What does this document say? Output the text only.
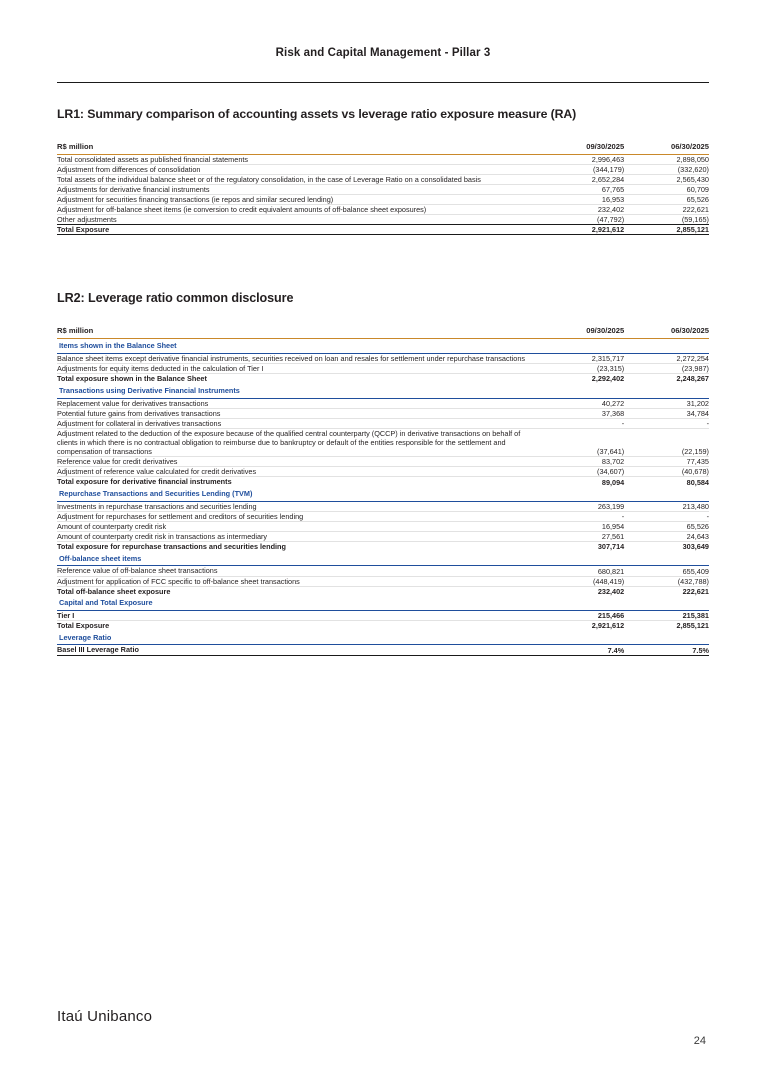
Risk and Capital Management - Pillar 3
LR1: Summary comparison of accounting assets vs leverage ratio exposure measure (RA)
R$ million	09/30/2025	06/30/2025
Total consolidated assets as published financial statements	2,996,463	2,898,050
Adjustment from differences of consolidation	(344,179)	(332,620)
Total assets of the individual balance sheet or of the regulatory consolidation, in the case of Leverage Ratio on a consolidated basis	2,652,284	2,565,430
Adjustments for derivative financial instruments	67,765	60,709
Adjustment for securities financing transactions (ie repos and similar secured lending)	16,953	65,526
Adjustment for off-balance sheet items (ie conversion to credit equivalent amounts of off-balance sheet exposures)	232,402	222,621
Other adjustments	(47,792)	(59,165)
Total Exposure	2,921,612	2,855,121
LR2: Leverage ratio common disclosure
R$ million	09/30/2025	06/30/2025
Items shown in the Balance Sheet		
Balance sheet items except derivative financial instruments, securities received on loan and resales for settlement under repurchase transactions	2,315,717	2,272,254
Adjustments for equity items deducted in the calculation of Tier I	(23,315)	(23,987)
Total exposure shown in the Balance Sheet	2,292,402	2,248,267
Transactions using Derivative Financial Instruments		
Replacement value for derivatives transactions	40,272	31,202
Potential future gains from derivatives transactions	37,368	34,784
Adjustment for collateral in derivatives transactions	-	-
Adjustment related to the deduction of the exposure because of the qualified central counterparty (QCCP) in derivative transactions on behalf of clients in which there is no contractual obligation to reimburse due to bankruptcy or default of the entities responsible for the settlement and compensation of transactions	(37,641)	(22,159)
Reference value for credit derivatives	83,702	77,435
Adjustment of reference value calculated for credit derivatives	(34,607)	(40,678)
Total exposure for derivative financial instruments	89,094	80,584
Repurchase Transactions and Securities Lending (TVM)		
Investments in repurchase transactions and securities lending	263,199	213,480
Adjustment for repurchases for settlement and creditors of securities lending	-	-
Amount of counterparty credit risk	16,954	65,526
Amount of counterparty credit risk in transactions as intermediary	27,561	24,643
Total exposure for repurchase transactions and securities lending	307,714	303,649
Off-balance sheet items		
Reference value of off-balance sheet transactions	680,821	655,409
Adjustment for application of FCC specific to off-balance sheet transactions	(448,419)	(432,788)
Total off-balance sheet exposure	232,402	222,621
Capital and Total Exposure		
Tier I	215,466	215,381
Total Exposure	2,921,612	2,855,121
Leverage Ratio		
Basel III Leverage Ratio	7.4%	7.5%
Itaú Unibanco
24
